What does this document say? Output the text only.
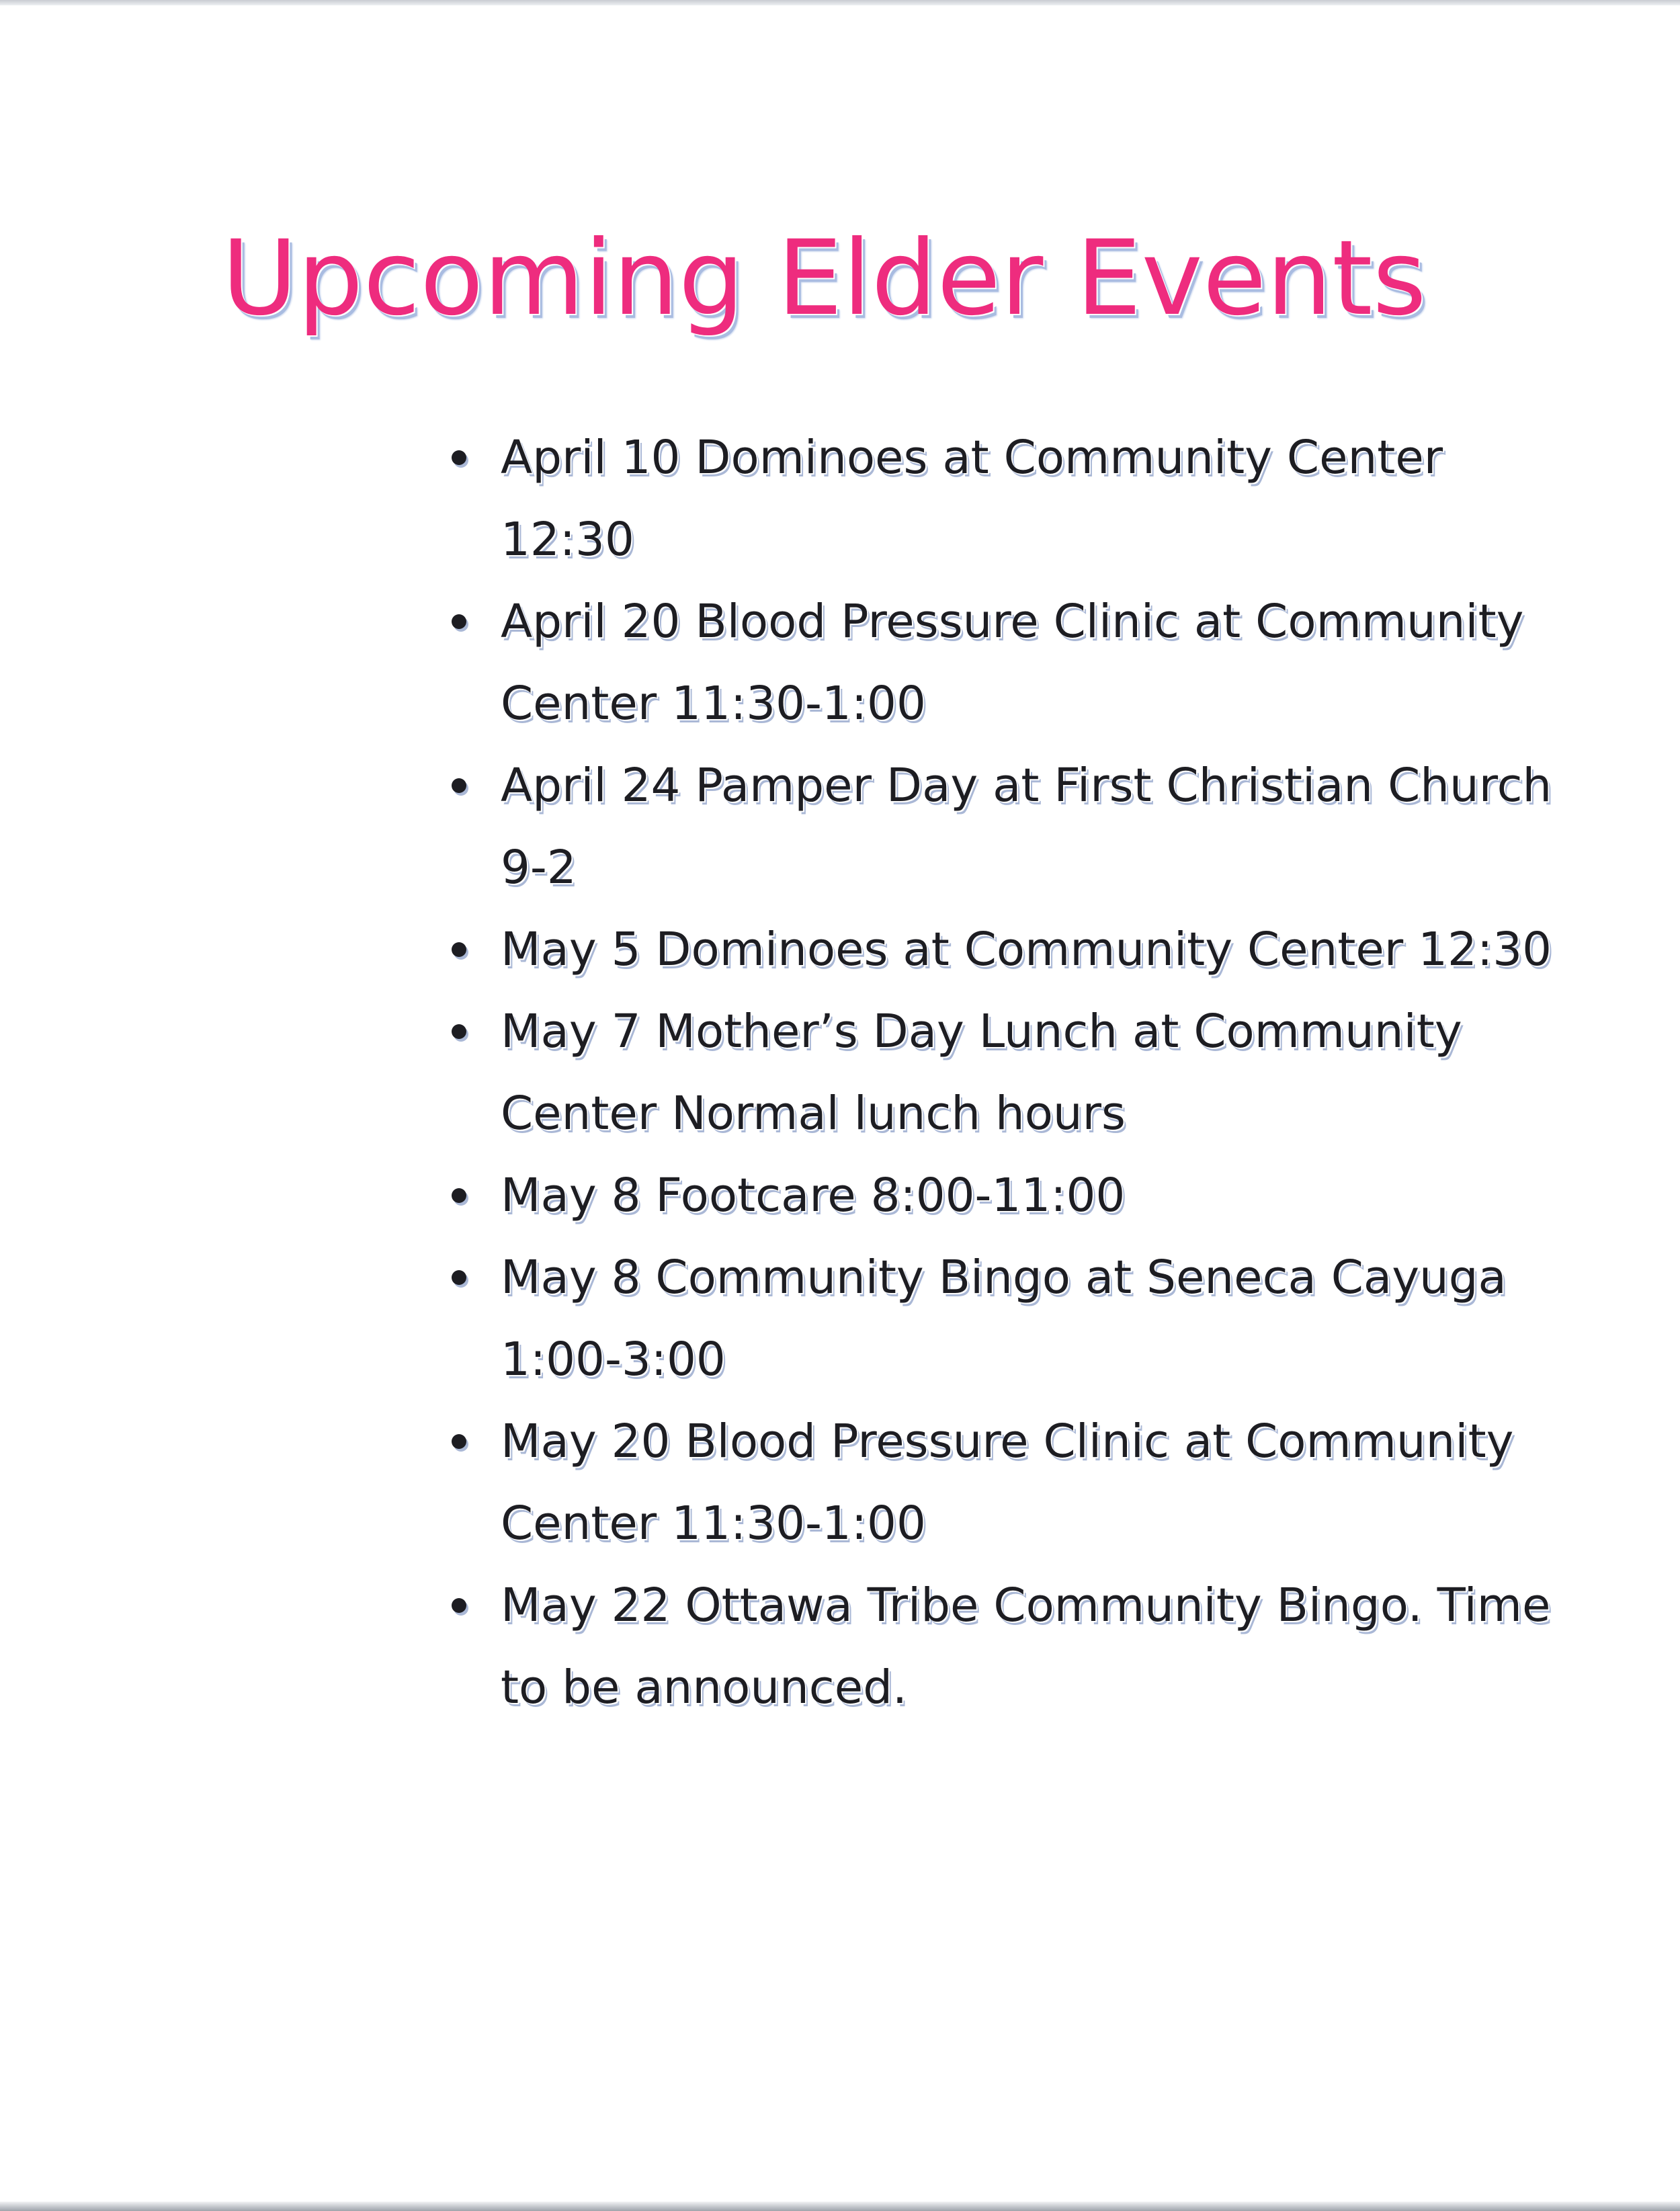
Upcoming Elder Events
April 10 Dominoes at Community Center 12:30
April 20 Blood Pressure Clinic at Community Center 11:30-1:00
April 24 Pamper Day at First Christian Church 9-2
May 5 Dominoes at Community Center 12:30
May 7 Mother’s Day Lunch at Community Center Normal lunch hours
May 8 Footcare 8:00-11:00
May 8 Community Bingo at Seneca Cayuga 1:00-3:00
May 20 Blood Pressure Clinic at Community Center 11:30-1:00
May 22 Ottawa Tribe Community Bingo. Time to be announced.
